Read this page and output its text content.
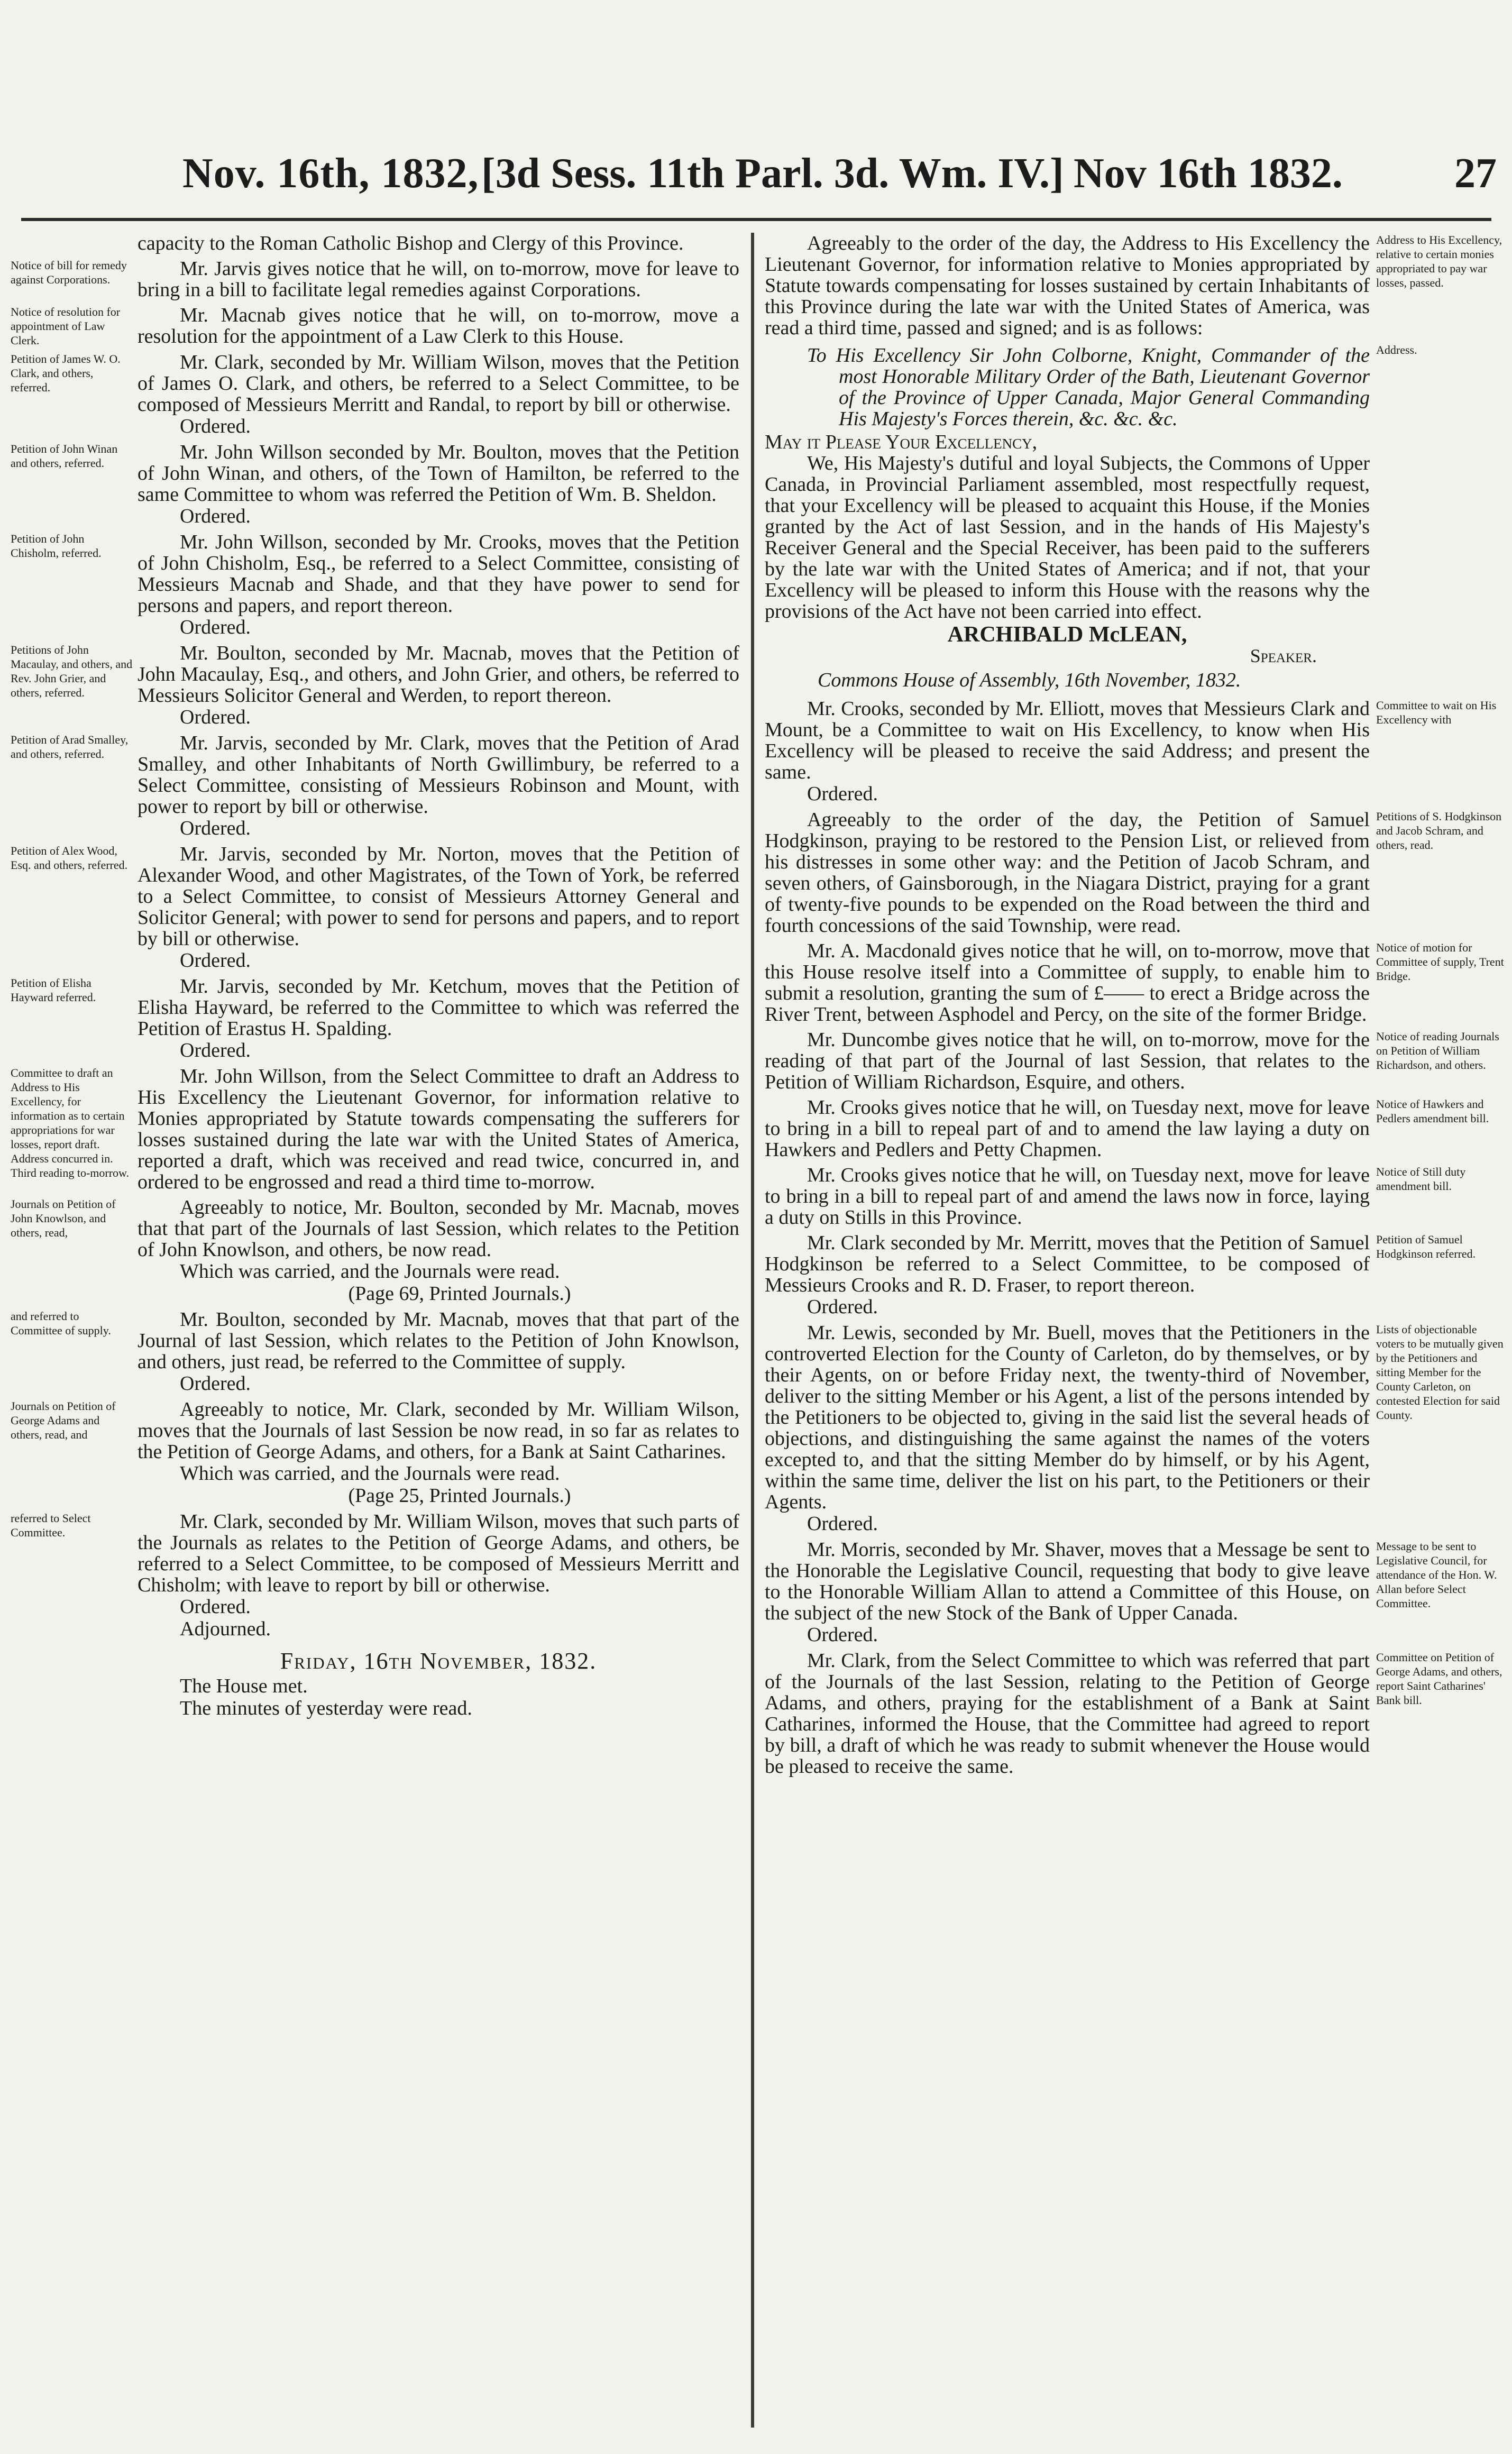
Nov. 16th, 1832, [3d Sess. 11th Parl. 3d. Wm. IV.] Nov 16th 1832.	27

capacity to the Roman Catholic Bishop and Clergy of this Province.

Notice of bill for remedy against Corporations.	Mr. Jarvis gives notice that he will, on to-morrow, move for leave to bring in a bill to facilitate legal remedies against Corporations.

Notice of resolution for appointment of Law Clerk.

Mr. Macnab gives notice that he will, on to-morrow, move a resolution for the appointment of a Law Clerk to this House.

Petition of James W. O. Clark, and others, referred.

Mr. Clark, seconded by Mr. William Wilson, moves that the Petition of James O. Clark, and others, be referred to a Select Committee, to be composed of Messieurs Merritt and Randal, to report by bill or otherwise.

Ordered.

Petition of John Winan and others, referred.	Mr. John Willson seconded by Mr. Boulton, moves that the Petition of John Winan, and others, of the Town of Hamilton, be referred to the same Committee to whom was referred the Petition of Wm. B. Sheldon.

Ordered.

Petition of John Chisholm, referred.	Mr. John Willson, seconded by Mr. Crooks, moves that the Petition of John Chisholm, Esq., be referred to a Select Committee, consisting of Messieurs Macnab and Shade, and that they have power to send for persons and papers, and report thereon.

Ordered.

Petitions of John Macaulay, and others, and Rev. John Grier, and others, referred.

Mr. Boulton, seconded by Mr. Macnab, moves that the Petition of John Macaulay, Esq., and others, and John Grier, and others, be referred to Messieurs Solicitor General and Werden, to report thereon.

Ordered.

Petition of Arad Smalley, and others, referred.	Mr. Jarvis, seconded by Mr. Clark, moves that the Petition of Arad Smalley, and other Inhabitants of North Gwillimbury, be referred to a Select Committee, consisting of Messieurs Robinson and Mount, with power to report by bill or otherwise.

Ordered.

Petition of Alex Wood, Esq. and others, referred.	Mr. Jarvis, seconded by Mr. Norton, moves that the Petition of Alexander Wood, and other Magistrates, of the Town of York, be referred to a Select Committee, to consist of Messieurs Attorney General and Solicitor General; with power to send for persons and papers, and to report by bill or otherwise.

Ordered.

Petition of Elisha Hayward referred.	Mr. Jarvis, seconded by Mr. Ketchum, moves that the Petition of Elisha Hayward, be referred to the Committee to which was referred the Petition of Erastus H. Spalding.

Ordered.

Committee to draft an Address to His Excellency, for information as to certain appropriations for war losses, report draft. Address concurred in. Third reading to-morrow.

Mr. John Willson, from the Select Committee to draft an Address to His Excellency the Lieutenant Governor, for information relative to Monies appropriated by Statute towards compensating the sufferers for losses sustained during the late war with the United States of America, reported a draft, which was received and read twice, concurred in, and ordered to be engrossed and read a third time to-morrow.

Journals on Petition of John Knowlson, and others, read,

Agreeably to notice, Mr. Boulton, seconded by Mr. Macnab, moves that that part of the Journals of last Session, which relates to the Petition of John Knowlson, and others, be now read.

Which was carried, and the Journals were read.

(Page 69, Printed Journals.)

and referred to Committee of supply.	Mr. Boulton, seconded by Mr. Macnab, moves that that part of the Journal of last Session, which relates to the Petition of John Knowlson, and others, just read, be referred to the Committee of supply.

Ordered.

Journals on Petition of George Adams and others, read, and

Agreeably to notice, Mr. Clark, seconded by Mr. William Wilson, moves that the Journals of last Session be now read, in so far as relates to the Petition of George Adams, and others, for a Bank at Saint Catharines.

Which was carried, and the Journals were read.

(Page 25, Printed Journals.)

referred to Select Committee.	Mr. Clark, seconded by Mr. William Wilson, moves that such parts of the Journals as relates to the Petition of George Adams, and others, be referred to a Select Committee, to be composed of Messieurs Merritt and Chisholm; with leave to report by bill or otherwise.

Ordered.

Adjourned.

Friday, 16th November, 1832.

The House met.

The minutes of yesterday were read.

Agreeably to the order of the day, the Address to His Excellency the Lieutenant Governor, for information relative to Monies appropriated by Statute towards compensating for losses sustained by certain Inhabitants of this Province during the late war with the United States of America, was read a third time, passed and signed; and is as follows:

Address to His Excellency, relative to certain monies appropriated to pay war losses, passed.

To His Excellency Sir John Colborne, Knight, Commander of the most Honorable Military Order of the Bath, Lieutenant Governor of the Province of Upper Canada, Major General Commanding His Majesty's Forces therein, &c. &c. &c.

May it Please Your Excellency,

We, His Majesty's dutiful and loyal Subjects, the Commons of Upper Canada, in Provincial Parliament assembled, most respectfully request, that your Excellency will be pleased to acquaint this House, if the Monies granted by the Act of last Session, and in the hands of His Majesty's Receiver General and the Special Receiver, has been paid to the sufferers by the late war with the United States of America; and if not, that your Excellency will be pleased to inform this House with the reasons why the provisions of the Act have not been carried into effect.

ARCHIBALD McLEAN,

Speaker.

Commons House of Assembly, 16th November, 1832.

Address.
Committee to wait on His Excellency with

Mr. Crooks, seconded by Mr. Elliott, moves that Messieurs Clark and Mount, be a Committee to wait on His Excellency, to know when His Excellency will be pleased to receive the said Address; and present the same.

Ordered.

Petitions of S. Hodgkinson and Jacob Schram, and others, read.

Agreeably to the order of the day, the Petition of Samuel Hodgkinson, praying to be restored to the Pension List, or relieved from his distresses in some other way: and the Petition of Jacob Schram, and seven others, of Gainsborough, in the Niagara District, praying for a grant of twenty-five pounds to be expended on the Road between the third and fourth concessions of the said Township, were read.

Notice of motion for Committee of supply, Trent Bridge.

Mr. A. Macdonald gives notice that he will, on to-morrow, move that this House resolve itself into a Committee of supply, to enable him to submit a resolution, granting the sum of £—— to erect a Bridge across the River Trent, between Asphodel and Percy, on the site of the former Bridge.

Notice of reading Journals on Petition of William Richardson, and others.

Mr. Duncombe gives notice that he will, on to-morrow, move for the reading of that part of the Journal of last Session, that relates to the Petition of William Richardson, Esquire, and others.

Notice of Hawkers and Pedlers amendment bill.

Mr. Crooks gives notice that he will, on Tuesday next, move for leave to bring in a bill to repeal part of and to amend the law laying a duty on Hawkers and Pedlers and Petty Chapmen.

Notice of Still duty amendment bill.

Mr. Crooks gives notice that he will, on Tuesday next, move for leave to bring in a bill to repeal part of and amend the laws now in force, laying a duty on Stills in this Province.

Petition of Samuel Hodgkinson referred.

Mr. Clark seconded by Mr. Merritt, moves that the Petition of Samuel Hodgkinson be referred to a Select Committee, to be composed of Messieurs Crooks and R. D. Fraser, to report thereon.

Ordered.

Lists of objectionable voters to be mutually given by the Petitioners and sitting Member for the County Carleton, on contested Election for said County.

Mr. Lewis, seconded by Mr. Buell, moves that the Petitioners in the controverted Election for the County of Carleton, do by themselves, or by their Agents, on or before Friday next, the twenty-third of November, deliver to the sitting Member or his Agent, a list of the persons intended by the Petitioners to be objected to, giving in the said list the several heads of objections, and distinguishing the same against the names of the voters excepted to, and that the sitting Member do by himself, or by his Agent, within the same time, deliver the list on his part, to the Petitioners or their Agents.

Ordered.

Message to be sent to Legislative Council, for attendance of the Hon. W. Allan before Select Committee.

Mr. Morris, seconded by Mr. Shaver, moves that a Message be sent to the Honorable the Legislative Council, requesting that body to give leave to the Honorable William Allan to attend a Committee of this House, on the subject of the new Stock of the Bank of Upper Canada.

Ordered.

Committee on Petition of George Adams, and others, report Saint Catharines' Bank bill.

Mr. Clark, from the Select Committee to which was referred that part of the Journals of the last Session, relating to the Petition of George Adams, and others, praying for the establishment of a Bank at Saint Catharines, informed the House, that the Committee had agreed to report by bill, a draft of which he was ready to submit whenever the House would be pleased to receive the same.
